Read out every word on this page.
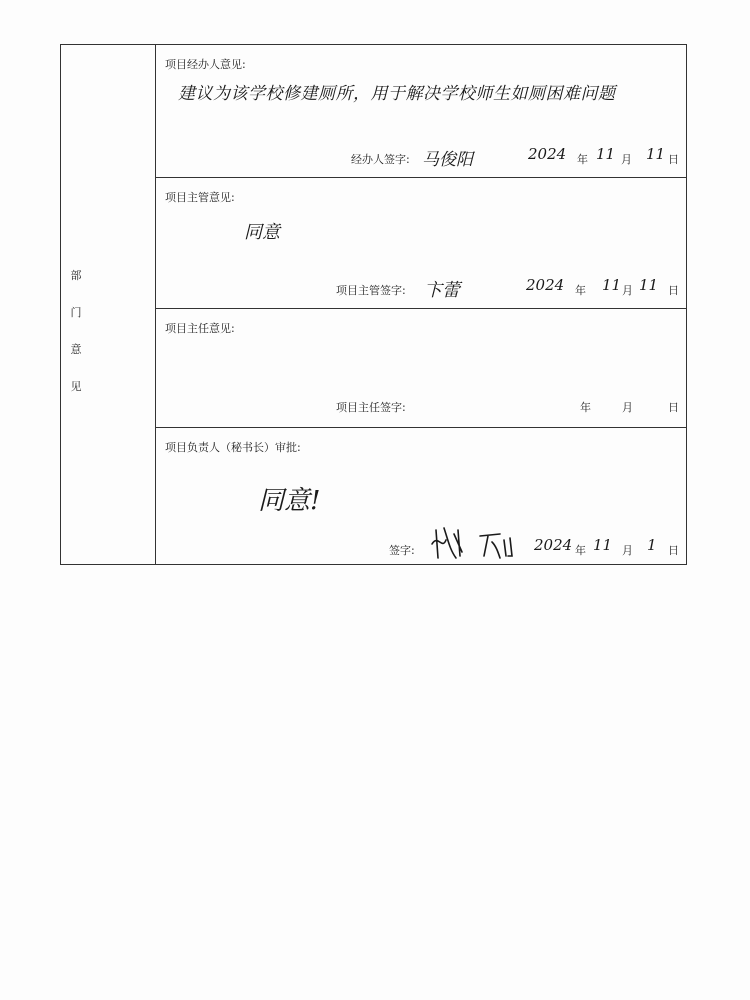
部
门
意
见
项目经办人意见:
建议为该学校修建厕所，用于解决学校师生如厕困难问题
经办人签字: 马俊阳	2024 年 11 月 11 日
项目主管意见:
同意
项目主管签字: 卞蕾	2024 年 11 月 11 日
项目主任意见:
项目主任签字:	年	月	日
项目负责人（秘书长）审批:
同意!
签字:	2024 年 11 月 1 日
